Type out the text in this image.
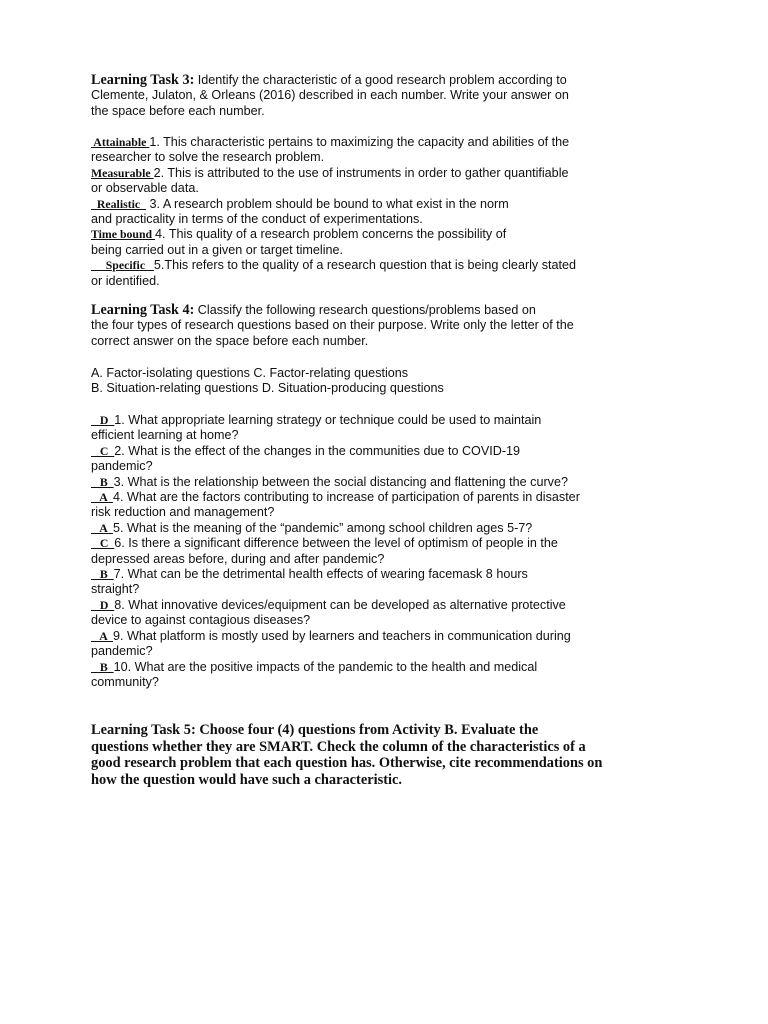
Learning Task 3: Identify the characteristic of a good research problem according to
Clemente, Julaton, & Orleans (2016) described in each number. Write your answer on
the space before each number.
Attainable 1. This characteristic pertains to maximizing the capacity and abilities of the
researcher to solve the research problem.
Measurable 2. This is attributed to the use of instruments in order to gather quantifiable
or observable data.
Realistic   3. A research problem should be bound to what exist in the norm
and practicality in terms of the conduct of experimentations.
Time bound 4. This quality of a research problem concerns the possibility of
being carried out in a given or target timeline.
Specific   5.This refers to the quality of a research question that is being clearly stated
or identified.
Learning Task 4: Classify the following research questions/problems based on
the four types of research questions based on their purpose. Write only the letter of the
correct answer on the space before each number.
A. Factor-isolating questions C. Factor-relating questions
B. Situation-relating questions D. Situation-producing questions
D  1. What appropriate learning strategy or technique could be used to maintain
efficient learning at home?
C  2. What is the effect of the changes in the communities due to COVID-19
pandemic?
B  3. What is the relationship between the social distancing and flattening the curve?
A  4. What are the factors contributing to increase of participation of parents in disaster
risk reduction and management?
A  5. What is the meaning of the “pandemic” among school children ages 5-7?
C  6. Is there a significant difference between the level of optimism of people in the
depressed areas before, during and after pandemic?
B  7. What can be the detrimental health effects of wearing facemask 8 hours
straight?
D  8. What innovative devices/equipment can be developed as alternative protective
device to against contagious diseases?
A  9. What platform is mostly used by learners and teachers in communication during
pandemic?
B  10. What are the positive impacts of the pandemic to the health and medical
community?
Learning Task 5: Choose four (4) questions from Activity B. Evaluate the
questions whether they are SMART. Check the column of the characteristics of a
good research problem that each question has. Otherwise, cite recommendations on
how the question would have such a characteristic.
